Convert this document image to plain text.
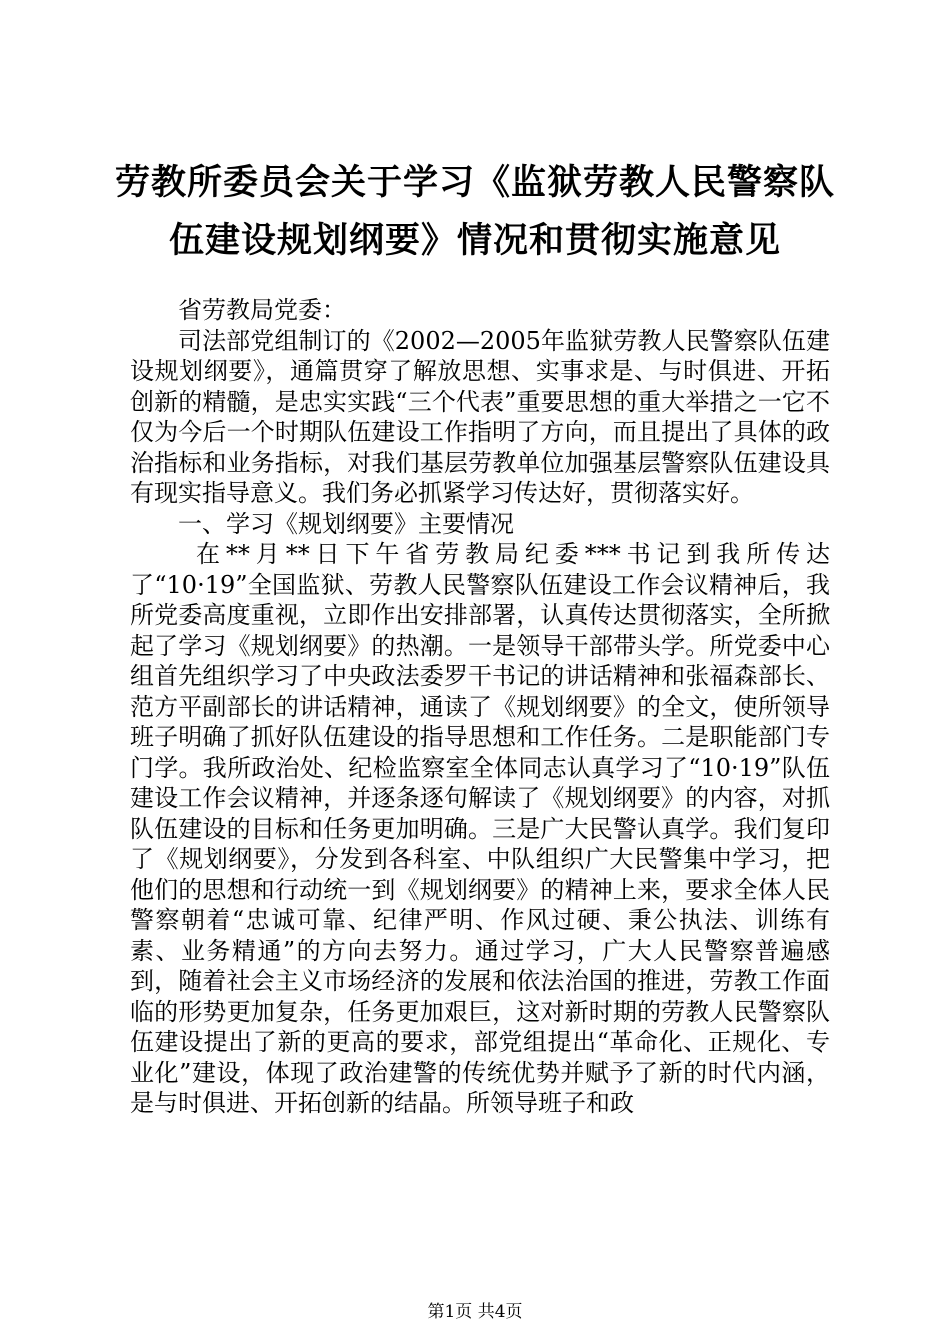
劳教所委员会关于学习《监狱劳教人民警察队
伍建设规划纲要》情况和贯彻实施意见

省劳教局党委：

司法部党组制订的《2002—2005年监狱劳教人民警察队伍建设规划纲要》，通篇贯穿了解放思想、实事求是、与时俱进、开拓创新的精髓，是忠实实践“三个代表”重要思想的重大举措之一它不仅为今后一个时期队伍建设工作指明了方向，而且提出了具体的政治指标和业务指标，对我们基层劳教单位加强基层警察队伍建设具有现实指导意义。我们务必抓紧学习传达好，贯彻落实好。

一、学习《规划纲要》主要情况

在**月**日下午省劳教局纪委***书记到我所传达了“10·19”全国监狱、劳教人民警察队伍建设工作会议精神后，我所党委高度重视，立即作出安排部署，认真传达贯彻落实，全所掀起了学习《规划纲要》的热潮。一是领导干部带头学。所党委中心组首先组织学习了中央政法委罗干书记的讲话精神和张福森部长、范方平副部长的讲话精神，通读了《规划纲要》的全文，使所领导班子明确了抓好队伍建设的指导思想和工作任务。二是职能部门专门学。我所政治处、纪检监察室全体同志认真学习了“10·19”队伍建设工作会议精神，并逐条逐句解读了《规划纲要》的内容，对抓队伍建设的目标和任务更加明确。三是广大民警认真学。我们复印了《规划纲要》，分发到各科室、中队组织广大民警集中学习，把他们的思想和行动统一到《规划纲要》的精神上来，要求全体人民警察朝着“忠诚可靠、纪律严明、作风过硬、秉公执法、训练有素、业务精通”的方向去努力。通过学习，广大人民警察普遍感到，随着社会主义市场经济的发展和依法治国的推进，劳教工作面临的形势更加复杂，任务更加艰巨，这对新时期的劳教人民警察队伍建设提出了新的更高的要求，部党组提出“革命化、正规化、专业化”建设，体现了政治建警的传统优势并赋予了新的时代内涵，是与时俱进、开拓创新的结晶。所领导班子和政

第1页 共4页
